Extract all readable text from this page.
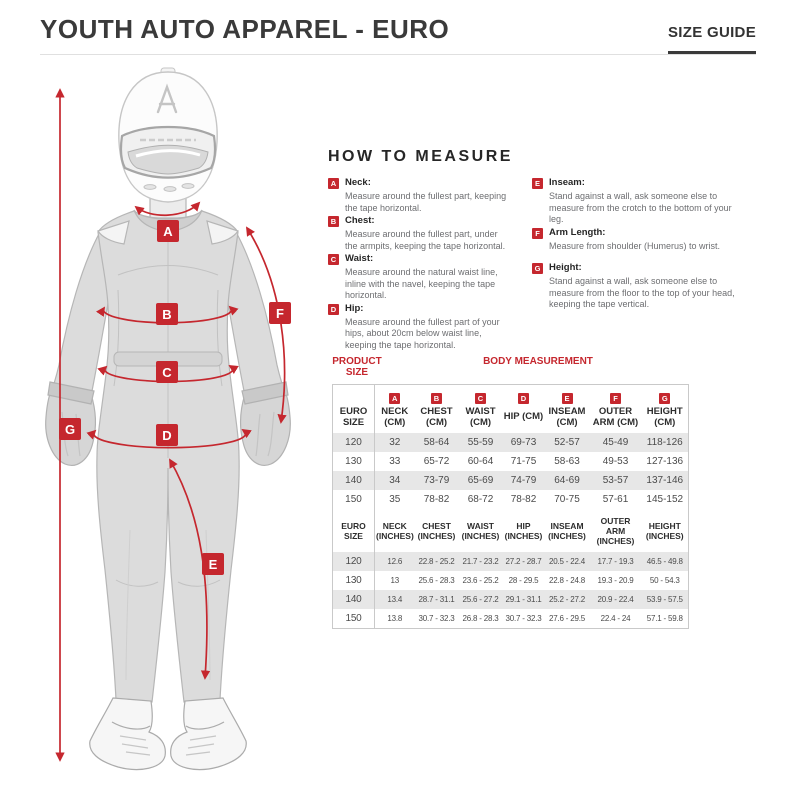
YOUTH AUTO APPAREL - EURO	SIZE GUIDE
A
B
C
D
E
F
G
HOW TO MEASURE
A Neck:
Measure around the fullest part, keeping the tape horizontal.
B Chest:
Measure around the fullest part, under the armpits, keeping the tape horizontal.
C Waist:
Measure around the natural waist line, inline with the navel, keeping the tape horizontal.
D Hip:
Measure around the fullest part of your hips, about 20cm below waist line, keeping the tape horizontal.
E Inseam:
Stand against a wall, ask someone else to measure from the crotch to the bottom of your leg.
F Arm Length:
Measure from shoulder (Humerus) to wrist.
G Height:
Stand against a wall, ask someone else to measure from the floor to the top of your head, keeping the tape vertical.
PRODUCT SIZE
BODY MEASUREMENT
	A	B	C	D	E	F	G
EURO SIZE	NECK (CM)	CHEST (CM)	WAIST (CM)	HIP (CM)	INSEAM (CM)	OUTER ARM (CM)	HEIGHT (CM)
120	32	58-64	55-59	69-73	52-57	45-49	118-126
130	33	65-72	60-64	71-75	58-63	49-53	127-136
140	34	73-79	65-69	74-79	64-69	53-57	137-146
150	35	78-82	68-72	78-82	70-75	57-61	145-152
EURO SIZE	NECK (INCHES)	CHEST (INCHES)	WAIST (INCHES)	HIP (INCHES)	INSEAM (INCHES)	OUTER ARM (INCHES)	HEIGHT (INCHES)
120	12.6	22.8 - 25.2	21.7 - 23.2	27.2 - 28.7	20.5 - 22.4	17.7 - 19.3	46.5 - 49.8
130	13	25.6 - 28.3	23.6 - 25.2	28 - 29.5	22.8 - 24.8	19.3 - 20.9	50 - 54.3
140	13.4	28.7 - 31.1	25.6 - 27.2	29.1 - 31.1	25.2 - 27.2	20.9 - 22.4	53.9 - 57.5
150	13.8	30.7 - 32.3	26.8 - 28.3	30.7 - 32.3	27.6 - 29.5	22.4 - 24	57.1 - 59.8
